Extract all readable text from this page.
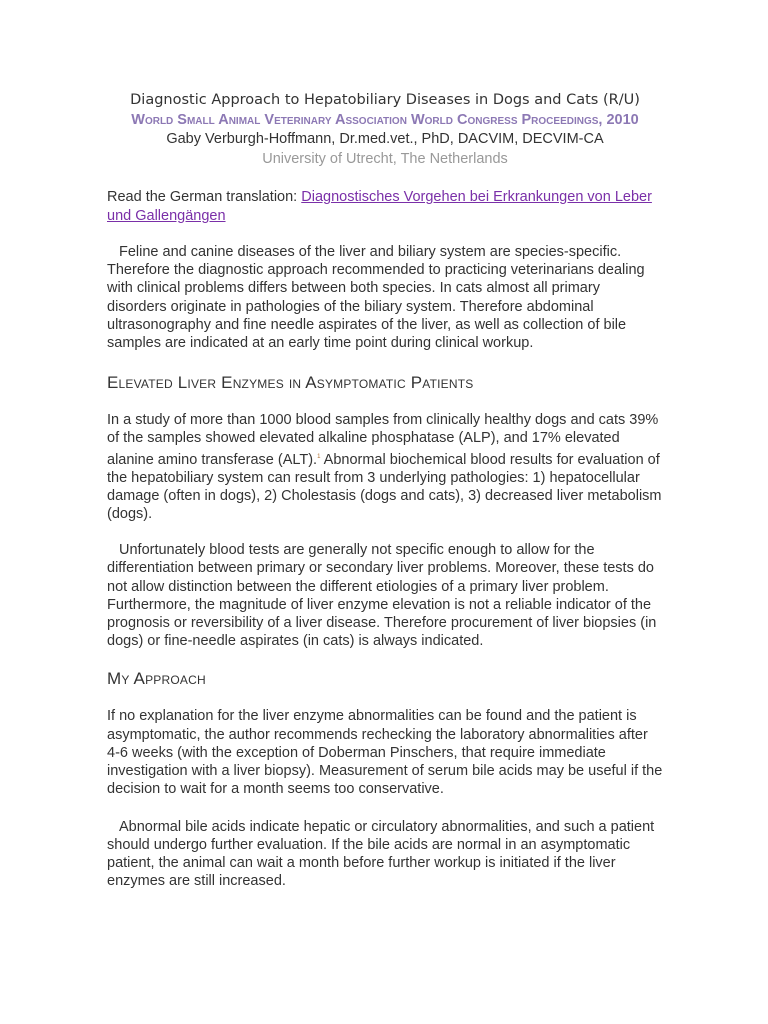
Diagnostic Approach to Hepatobiliary Diseases in Dogs and Cats (R/U)

World Small Animal Veterinary Association World Congress Proceedings, 2010

Gaby Verburgh-Hoffmann, Dr.med.vet., PhD, DACVIM, DECVIM-CA

University of Utrecht, The Netherlands

Read the German translation: Diagnostisches Vorgehen bei Erkrankungen von Leber und Gallengängen

Feline and canine diseases of the liver and biliary system are species-specific. Therefore the diagnostic approach recommended to practicing veterinarians dealing with clinical problems differs between both species. In cats almost all primary disorders originate in pathologies of the biliary system. Therefore abdominal ultrasonography and fine needle aspirates of the liver, as well as collection of bile samples are indicated at an early time point during clinical workup.

Elevated Liver Enzymes in Asymptomatic Patients

In a study of more than 1000 blood samples from clinically healthy dogs and cats 39% of the samples showed elevated alkaline phosphatase (ALP), and 17% elevated alanine amino transferase (ALT).$^1$ Abnormal biochemical blood results for evaluation of the hepatobiliary system can result from 3 underlying pathologies: 1) hepatocellular damage (often in dogs), 2) Cholestasis (dogs and cats), 3) decreased liver metabolism (dogs).

Unfortunately blood tests are generally not specific enough to allow for the differentiation between primary or secondary liver problems. Moreover, these tests do not allow distinction between the different etiologies of a primary liver problem. Furthermore, the magnitude of liver enzyme elevation is not a reliable indicator of the prognosis or reversibility of a liver disease. Therefore procurement of liver biopsies (in dogs) or fine-needle aspirates (in cats) is always indicated.

My Approach

If no explanation for the liver enzyme abnormalities can be found and the patient is asymptomatic, the author recommends rechecking the laboratory abnormalities after 4-6 weeks (with the exception of Doberman Pinschers, that require immediate investigation with a liver biopsy). Measurement of serum bile acids may be useful if the decision to wait for a month seems too conservative.

Abnormal bile acids indicate hepatic or circulatory abnormalities, and such a patient should undergo further evaluation. If the bile acids are normal in an asymptomatic patient, the animal can wait a month before further workup is initiated if the liver enzymes are still increased.
